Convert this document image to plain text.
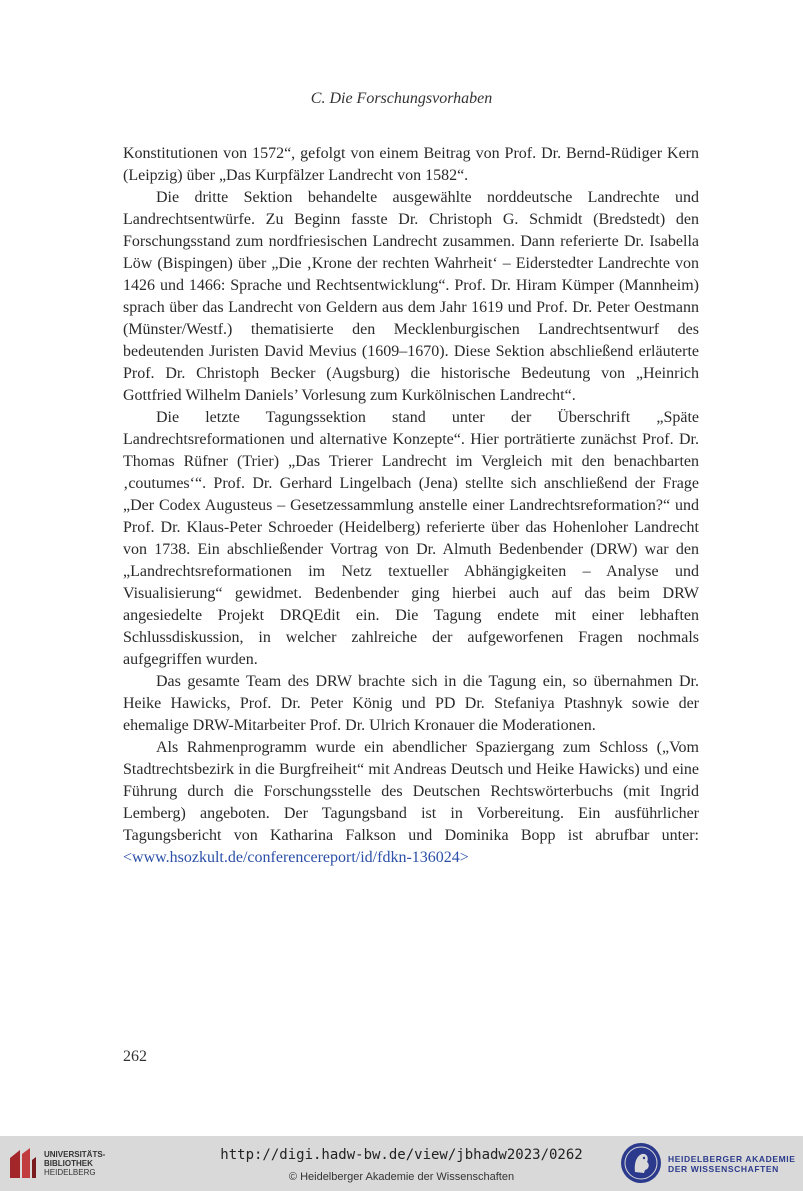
C. Die Forschungsvorhaben

Konstitutionen von 1572“, gefolgt von einem Beitrag von Prof. Dr. Bernd-Rüdiger Kern (Leipzig) über „Das Kurpfälzer Landrecht von 1582“.

Die dritte Sektion behandelte ausgewählte norddeutsche Landrechte und Landrechtsentwürfe. Zu Beginn fasste Dr. Christoph G. Schmidt (Bredstedt) den Forschungsstand zum nordfriesischen Landrecht zusammen. Dann referierte Dr. Isabella Löw (Bispingen) über „Die ‚Krone der rechten Wahrheit‘ – Eiderstedter Landrechte von 1426 und 1466: Sprache und Rechtsentwicklung“. Prof. Dr. Hiram Kümper (Mannheim) sprach über das Landrecht von Geldern aus dem Jahr 1619 und Prof. Dr. Peter Oestmann (Münster/Westf.) thematisierte den Mecklenburgischen Landrechtsentwurf des bedeutenden Juristen David Mevius (1609–1670). Diese Sektion abschließend erläuterte Prof. Dr. Christoph Becker (Augsburg) die historische Bedeutung von „Heinrich Gottfried Wilhelm Daniels’ Vorlesung zum Kurkölnischen Landrecht“.

Die letzte Tagungssektion stand unter der Überschrift „Späte Landrechtsreformationen und alternative Konzepte“. Hier porträtierte zunächst Prof. Dr. Thomas Rüfner (Trier) „Das Trierer Landrecht im Vergleich mit den benachbarten ‚coutumes‘“. Prof. Dr. Gerhard Lingelbach (Jena) stellte sich anschließend der Frage „Der Codex Augusteus – Gesetzessammlung anstelle einer Landrechtsreformation?“ und Prof. Dr. Klaus-Peter Schroeder (Heidelberg) referierte über das Hohenloher Landrecht von 1738. Ein abschließender Vortrag von Dr. Almuth Bedenbender (DRW) war den „Landrechtsreformationen im Netz textueller Abhängigkeiten – Analyse und Visualisierung“ gewidmet. Bedenbender ging hierbei auch auf das beim DRW angesiedelte Projekt DRQEdit ein. Die Tagung endete mit einer lebhaften Schlussdiskussion, in welcher zahlreiche der aufgeworfenen Fragen nochmals aufgegriffen wurden.

Das gesamte Team des DRW brachte sich in die Tagung ein, so übernahmen Dr. Heike Hawicks, Prof. Dr. Peter König und PD Dr. Stefaniya Ptashnyk sowie der ehemalige DRW-Mitarbeiter Prof. Dr. Ulrich Kronauer die Moderationen.

Als Rahmenprogramm wurde ein abendlicher Spaziergang zum Schloss („Vom Stadtrechtsbezirk in die Burgfreiheit“ mit Andreas Deutsch und Heike Hawicks) und eine Führung durch die Forschungsstelle des Deutschen Rechtswörterbuchs (mit Ingrid Lemberg) angeboten. Der Tagungsband ist in Vorbereitung. Ein ausführlicher Tagungsbericht von Katharina Falkson und Dominika Bopp ist abrufbar unter: <www.hsozkult.de/conferencereport/id/fdkn-136024>

262
UNIVERSITÄTS-
BIBLIOTHEK
HEIDELBERG
http://digi.hadw-bw.de/view/jbhadw2023/0262
© Heidelberger Akademie der Wissenschaften
HEIDELBERGER AKADEMIE
DER WISSENSCHAFTEN
